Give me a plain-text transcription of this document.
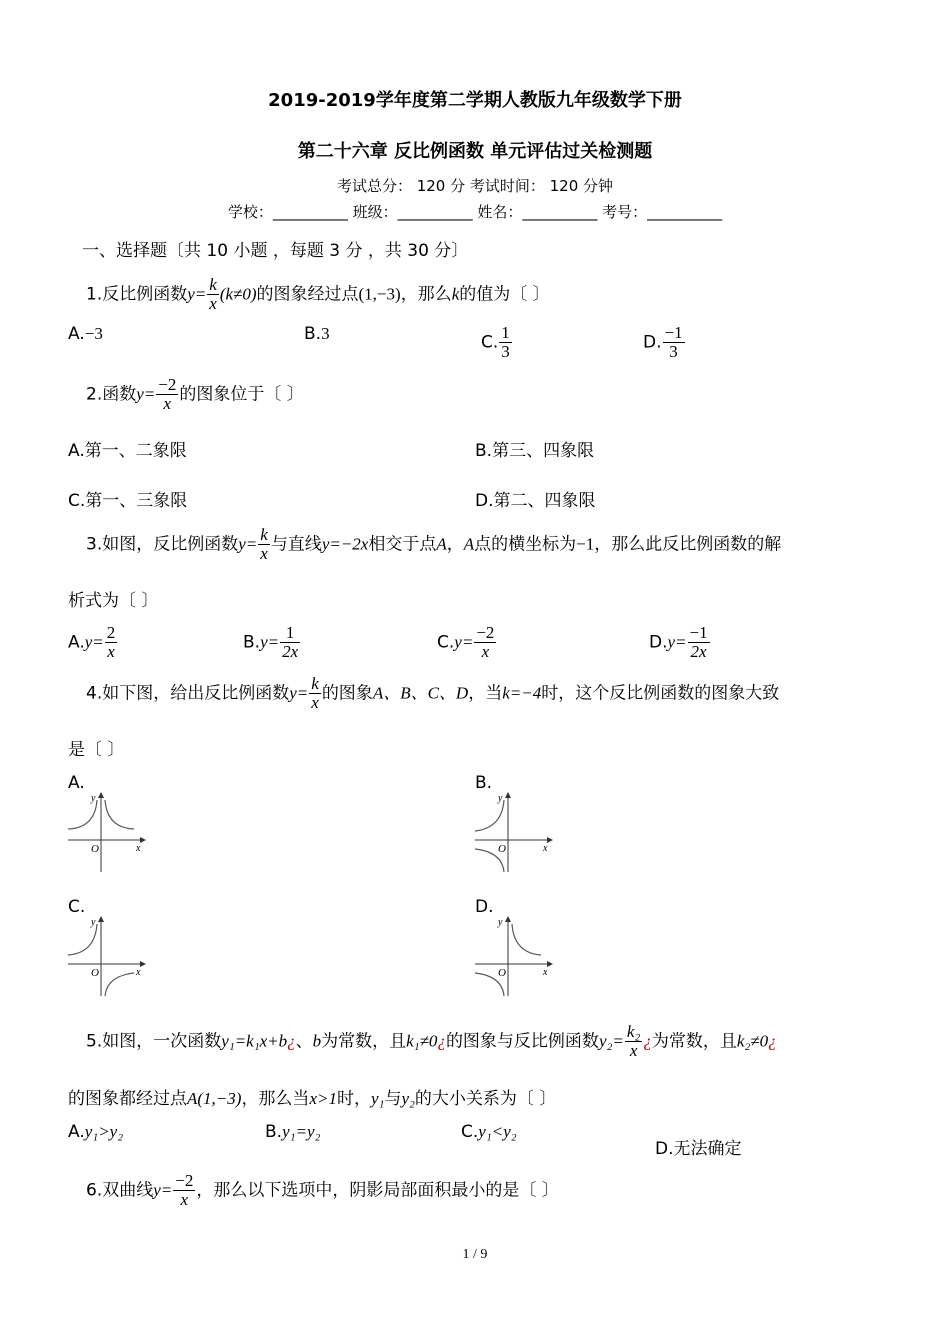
2019-2019学年度第二学期人教版九年级数学下册
第二十六章 反比例函数 单元评估过关检测题
考试总分： 120 分 考试时间： 120 分钟
学校：__________ 班级：__________ 姓名：__________ 考号：__________
一、选择题〔共 10 小题 ，每题 3 分 ，共 30 分〕
1.反比例函数$y= \frac{k}{x} (k\ne 0)$的图象经过点(1,−3)，那么k的值为〔 〕
A.−3	B.3	C. $\frac{1}{3}$	D. $\frac{-1}{3}$
2.函数$y= \frac{-2}{x}$ 的图象位于〔 〕
A.第一、二象限	B.第三、四象限
C.第一、三象限	D.第二、四象限
3.如图，反比例函数$y= \frac{k}{x}$ 与直线y=−2x相交于点A，A点的横坐标为−1，那么此反比例函数的解
析式为〔 〕
$A.y= \frac{2}{x}$	$B.y= \frac{1}{2x}$	$C.y= \frac{-2}{x}$	$D.y= \frac{-1}{2x}$
4.如下图，给出反比例函数$y= \frac{k}{x}$ 的图象A、B、C、D，当k=−4时，这个反比例函数的图象大致
是〔 〕
A.	B.
C.	D.
y
x
O
y
x
O
y
x
O
y
x
O
5.如图，一次函数y₁=k₁x+b¿、b为常数，且k₁≠0¿的图象与反比例函数$y_2= \frac{\text{k₂}}{x}$ ¿为常数，且k₂≠0¿
的图象都经过点A(1,−3)，那么当x>1时，y₁与y₂的大小关系为〔 〕
A.y₁>y₂	B.y₁=y₂	C.y₁<y₂
D.无法确定
6.双曲线$y= \frac{-2}{x}$ ，那么以下选项中，阴影局部面积最小的是〔 〕
1 / 9
